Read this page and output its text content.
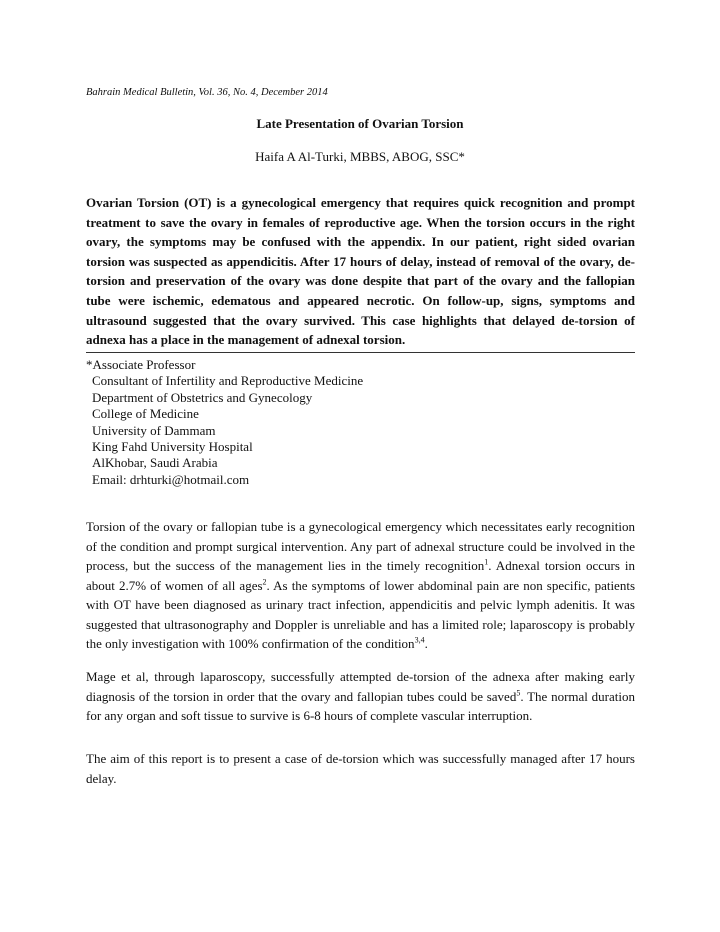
Bahrain Medical Bulletin, Vol. 36, No. 4, December 2014
Late Presentation of Ovarian Torsion
Haifa A Al-Turki, MBBS, ABOG, SSC*

Ovarian Torsion (OT) is a gynecological emergency that requires quick recognition and prompt treatment to save the ovary in females of reproductive age. When the torsion occurs in the right ovary, the symptoms may be confused with the appendix. In our patient, right sided ovarian torsion was suspected as appendicitis. After 17 hours of delay, instead of removal of the ovary, de-torsion and preservation of the ovary was done despite that part of the ovary and the fallopian tube were ischemic, edematous and appeared necrotic. On follow-up, signs, symptoms and ultrasound suggested that the ovary survived. This case highlights that delayed de-torsion of adnexa has a place in the management of adnexal torsion.

*Associate Professor
Consultant of Infertility and Reproductive Medicine
Department of Obstetrics and Gynecology
College of Medicine
University of Dammam
King Fahd University Hospital
AlKhobar, Saudi Arabia
Email: drhturki@hotmail.com

Torsion of the ovary or fallopian tube is a gynecological emergency which necessitates early recognition of the condition and prompt surgical intervention. Any part of adnexal structure could be involved in the process, but the success of the management lies in the timely recognition$^1$. Adnexal torsion occurs in about 2.7% of women of all ages$^2$. As the symptoms of lower abdominal pain are non specific, patients with OT have been diagnosed as urinary tract infection, appendicitis and pelvic lymph adenitis. It was suggested that ultrasonography and Doppler is unreliable and has a limited role; laparoscopy is probably the only investigation with 100% confirmation of the condition$^{3,4}$.

Mage et al, through laparoscopy, successfully attempted de-torsion of the adnexa after making early diagnosis of the torsion in order that the ovary and fallopian tubes could be saved$^5$. The normal duration for any organ and soft tissue to survive is 6-8 hours of complete vascular interruption.

The aim of this report is to present a case of de-torsion which was successfully managed after 17 hours delay.
